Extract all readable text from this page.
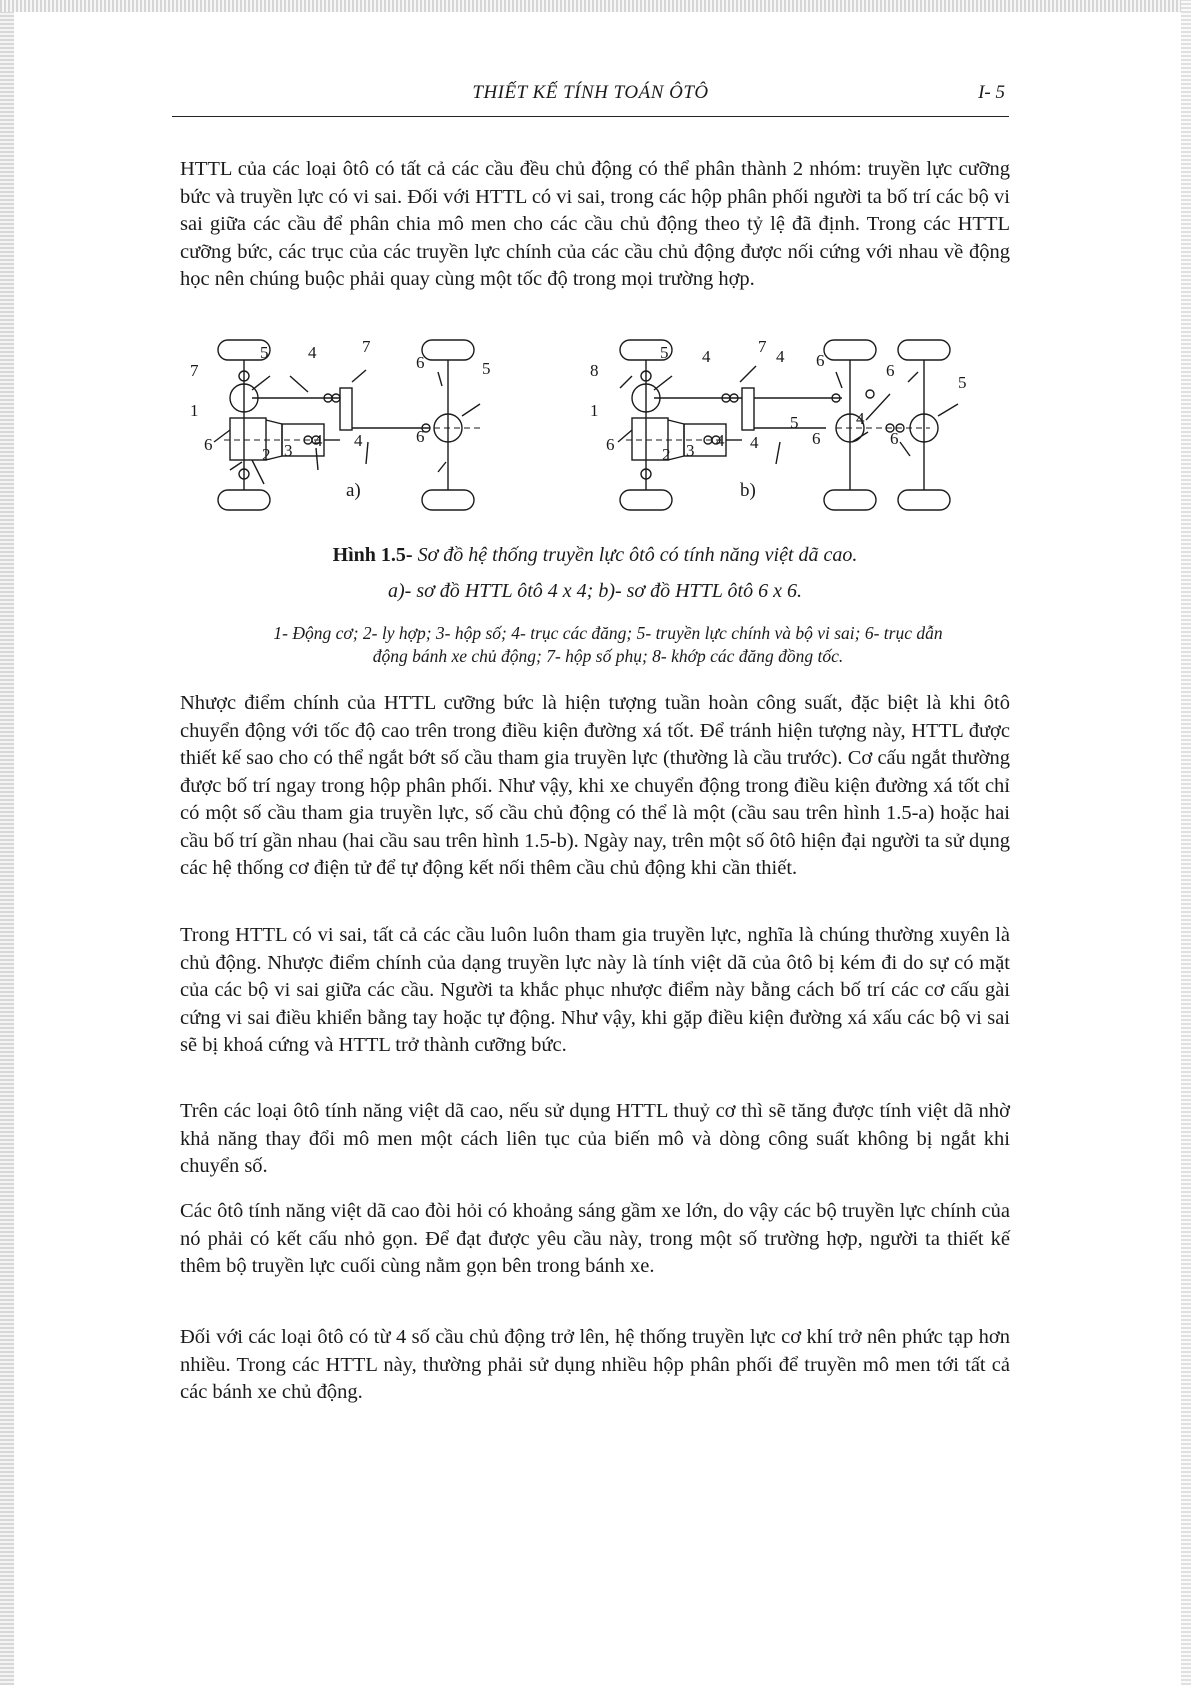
THIẾT KẾ TÍNH TOÁN ÔTÔ	I- 5

HTTL của các loại ôtô có tất cả các cầu đều chủ động có thể phân thành 2 nhóm: truyền lực cưỡng bức và truyền lực có vi sai. Đối với HTTL có vi sai, trong các hộp phân phối người ta bố trí các bộ vi sai giữa các cầu để phân chia mô men cho các cầu chủ động theo tỷ lệ đã định. Trong các HTTL cưỡng bức, các trục của các truyền lực chính của các cầu chủ động được nối cứng với nhau về động học nên chúng buộc phải quay cùng một tốc độ trong mọi trường hợp.

5 4	7
7	6	5
1
6
2 3
4 4	6
a)
5 4
7
4 6
6
5
8
1
6
2 3
4 4
5	4
6	6
b)
Hình 1.5- Sơ đồ hệ thống truyền lực ôtô có tính năng việt dã cao.
a)- sơ đồ HTTL ôtô 4 x 4; b)- sơ đồ HTTL ôtô 6 x 6.
1- Động cơ; 2- ly hợp; 3- hộp số; 4- trục các đăng; 5- truyền lực chính và bộ vi sai; 6- trục dẫn
động bánh xe chủ động; 7- hộp số phụ; 8- khớp các đăng đồng tốc.

Nhược điểm chính của HTTL cưỡng bức là hiện tượng tuần hoàn công suất, đặc biệt là khi ôtô chuyển động với tốc độ cao trên trong điều kiện đường xá tốt. Để tránh hiện tượng này, HTTL được thiết kế sao cho có thể ngắt bớt số cầu tham gia truyền lực (thường là cầu trước). Cơ cấu ngắt thường được bố trí ngay trong hộp phân phối. Như vậy, khi xe chuyển động trong điều kiện đường xá tốt chỉ có một số cầu tham gia truyền lực, số cầu chủ động có thể là một (cầu sau trên hình 1.5-a) hoặc hai cầu bố trí gần nhau (hai cầu sau trên hình 1.5-b). Ngày nay, trên một số ôtô hiện đại người ta sử dụng các hệ thống cơ điện tử để tự động kết nối thêm cầu chủ động khi cần thiết.

Trong HTTL có vi sai, tất cả các cầu luôn luôn tham gia truyền lực, nghĩa là chúng thường xuyên là chủ động. Nhược điểm chính của dạng truyền lực này là tính việt dã của ôtô bị kém đi do sự có mặt của các bộ vi sai giữa các cầu. Người ta khắc phục nhược điểm này bằng cách bố trí các cơ cấu gài cứng vi sai điều khiển bằng tay hoặc tự động. Như vậy, khi gặp điều kiện đường xá xấu các bộ vi sai sẽ bị khoá cứng và HTTL trở thành cưỡng bức.

Trên các loại ôtô tính năng việt dã cao, nếu sử dụng HTTL thuỷ cơ thì sẽ tăng được tính việt dã nhờ khả năng thay đổi mô men một cách liên tục của biến mô và dòng công suất không bị ngắt khi chuyển số.

Các ôtô tính năng việt dã cao đòi hỏi có khoảng sáng gầm xe lớn, do vậy các bộ truyền lực chính của nó phải có kết cấu nhỏ gọn. Để đạt được yêu cầu này, trong một số trường hợp, người ta thiết kế thêm bộ truyền lực cuối cùng nằm gọn bên trong bánh xe.

Đối với các loại ôtô có từ 4 số cầu chủ động trở lên, hệ thống truyền lực cơ khí trở nên phức tạp hơn nhiều. Trong các HTTL này, thường phải sử dụng nhiều hộp phân phối để truyền mô men tới tất cả các bánh xe chủ động.
